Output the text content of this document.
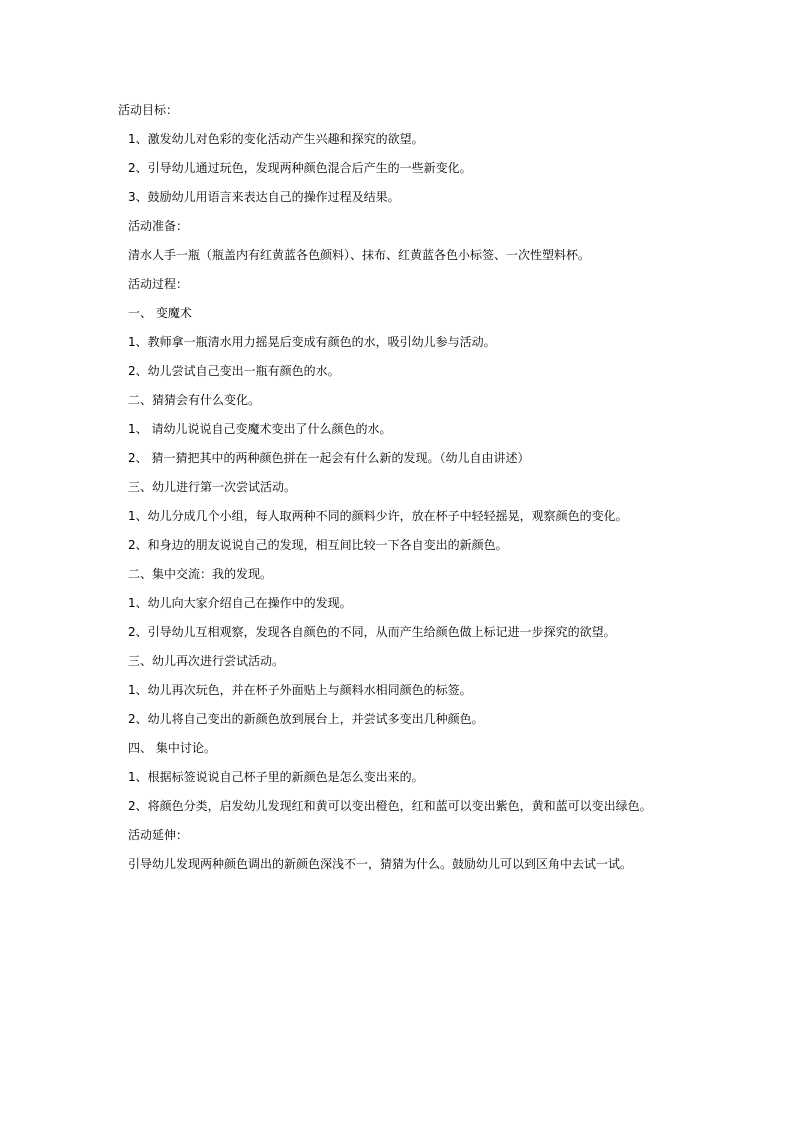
活动目标：
1、激发幼儿对色彩的变化活动产生兴趣和探究的欲望。
2、引导幼儿通过玩色，发现两种颜色混合后产生的一些新变化。
3、鼓励幼儿用语言来表达自己的操作过程及结果。
活动准备：
清水人手一瓶（瓶盖内有红黄蓝各色颜料）、抹布、红黄蓝各色小标签、一次性塑料杯。
活动过程：
一、 变魔术
1、教师拿一瓶清水用力摇晃后变成有颜色的水，吸引幼儿参与活动。
2、幼儿尝试自己变出一瓶有颜色的水。
二、猜猜会有什么变化。
1、 请幼儿说说自己变魔术变出了什么颜色的水。
2、 猜一猜把其中的两种颜色拼在一起会有什么新的发现。（幼儿自由讲述）
三、幼儿进行第一次尝试活动。
1、幼儿分成几个小组，每人取两种不同的颜料少许，放在杯子中轻轻摇晃，观察颜色的变化。
2、和身边的朋友说说自己的发现，相互间比较一下各自变出的新颜色。
二、集中交流：我的发现。
1、幼儿向大家介绍自己在操作中的发现。
2、引导幼儿互相观察，发现各自颜色的不同，从而产生给颜色做上标记进一步探究的欲望。
三、幼儿再次进行尝试活动。
1、幼儿再次玩色，并在杯子外面贴上与颜料水相同颜色的标签。
2、幼儿将自己变出的新颜色放到展台上，并尝试多变出几种颜色。
四、 集中讨论。
1、根据标签说说自己杯子里的新颜色是怎么变出来的。
2、将颜色分类，启发幼儿发现红和黄可以变出橙色，红和蓝可以变出紫色，黄和蓝可以变出绿色。
活动延伸：
引导幼儿发现两种颜色调出的新颜色深浅不一，猜猜为什么。鼓励幼儿可以到区角中去试一试。
